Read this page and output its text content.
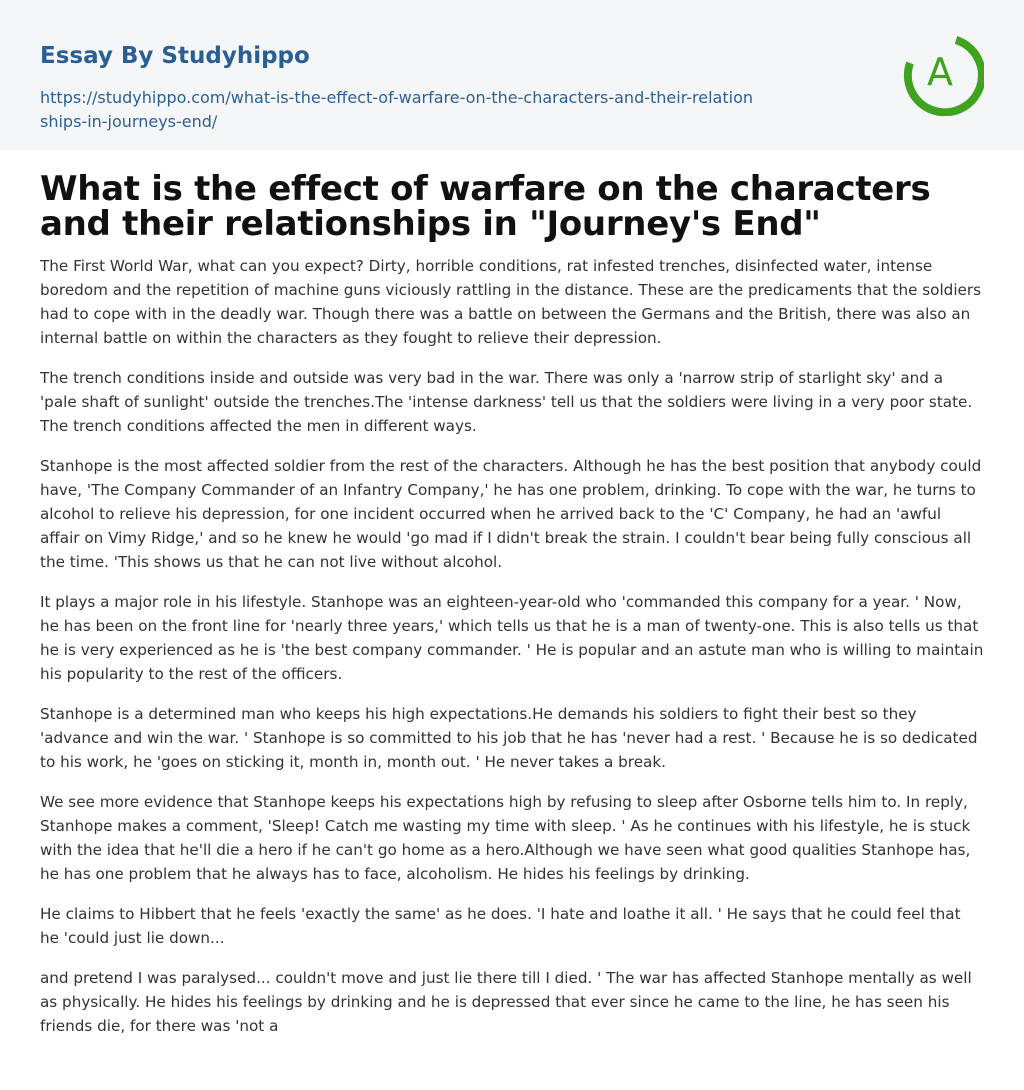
Essay By Studyhippo
https://studyhippo.com/what-is-the-effect-of-warfare-on-the-characters-and-their-relationships-in-journeys-end/
A
What is the effect of warfare on the characters and their relationships in "Journey's End"

The First World War, what can you expect? Dirty, horrible conditions, rat infested trenches, disinfected water, intense boredom and the repetition of machine guns viciously rattling in the distance. These are the predicaments that the soldiers had to cope with in the deadly war. Though there was a battle on between the Germans and the British, there was also an internal battle on within the characters as they fought to relieve their depression.

The trench conditions inside and outside was very bad in the war. There was only a 'narrow strip of starlight sky' and a 'pale shaft of sunlight' outside the trenches.The 'intense darkness' tell us that the soldiers were living in a very poor state. The trench conditions affected the men in different ways.

Stanhope is the most affected soldier from the rest of the characters. Although he has the best position that anybody could have, 'The Company Commander of an Infantry Company,' he has one problem, drinking. To cope with the war, he turns to alcohol to relieve his depression, for one incident occurred when he arrived back to the 'C' Company, he had an 'awful affair on Vimy Ridge,' and so he knew he would 'go mad if I didn't break the strain. I couldn't bear being fully conscious all the time. 'This shows us that he can not live without alcohol.

It plays a major role in his lifestyle. Stanhope was an eighteen-year-old who 'commanded this company for a year. ' Now, he has been on the front line for 'nearly three years,' which tells us that he is a man of twenty-one. This is also tells us that he is very experienced as he is 'the best company commander. ' He is popular and an astute man who is willing to maintain his popularity to the rest of the officers.

Stanhope is a determined man who keeps his high expectations.He demands his soldiers to fight their best so they 'advance and win the war. ' Stanhope is so committed to his job that he has 'never had a rest. ' Because he is so dedicated to his work, he 'goes on sticking it, month in, month out. ' He never takes a break.

We see more evidence that Stanhope keeps his expectations high by refusing to sleep after Osborne tells him to. In reply, Stanhope makes a comment, 'Sleep! Catch me wasting my time with sleep. ' As he continues with his lifestyle, he is stuck with the idea that he'll die a hero if he can't go home as a hero.Although we have seen what good qualities Stanhope has, he has one problem that he always has to face, alcoholism. He hides his feelings by drinking.

He claims to Hibbert that he feels 'exactly the same' as he does. 'I hate and loathe it all. ' He says that he could feel that he 'could just lie down...

and pretend I was paralysed... couldn't move and just lie there till I died. ' The war has affected Stanhope mentally as well as physically. He hides his feelings by drinking and he is depressed that ever since he came to the line, he has seen his friends die, for there was 'not a
